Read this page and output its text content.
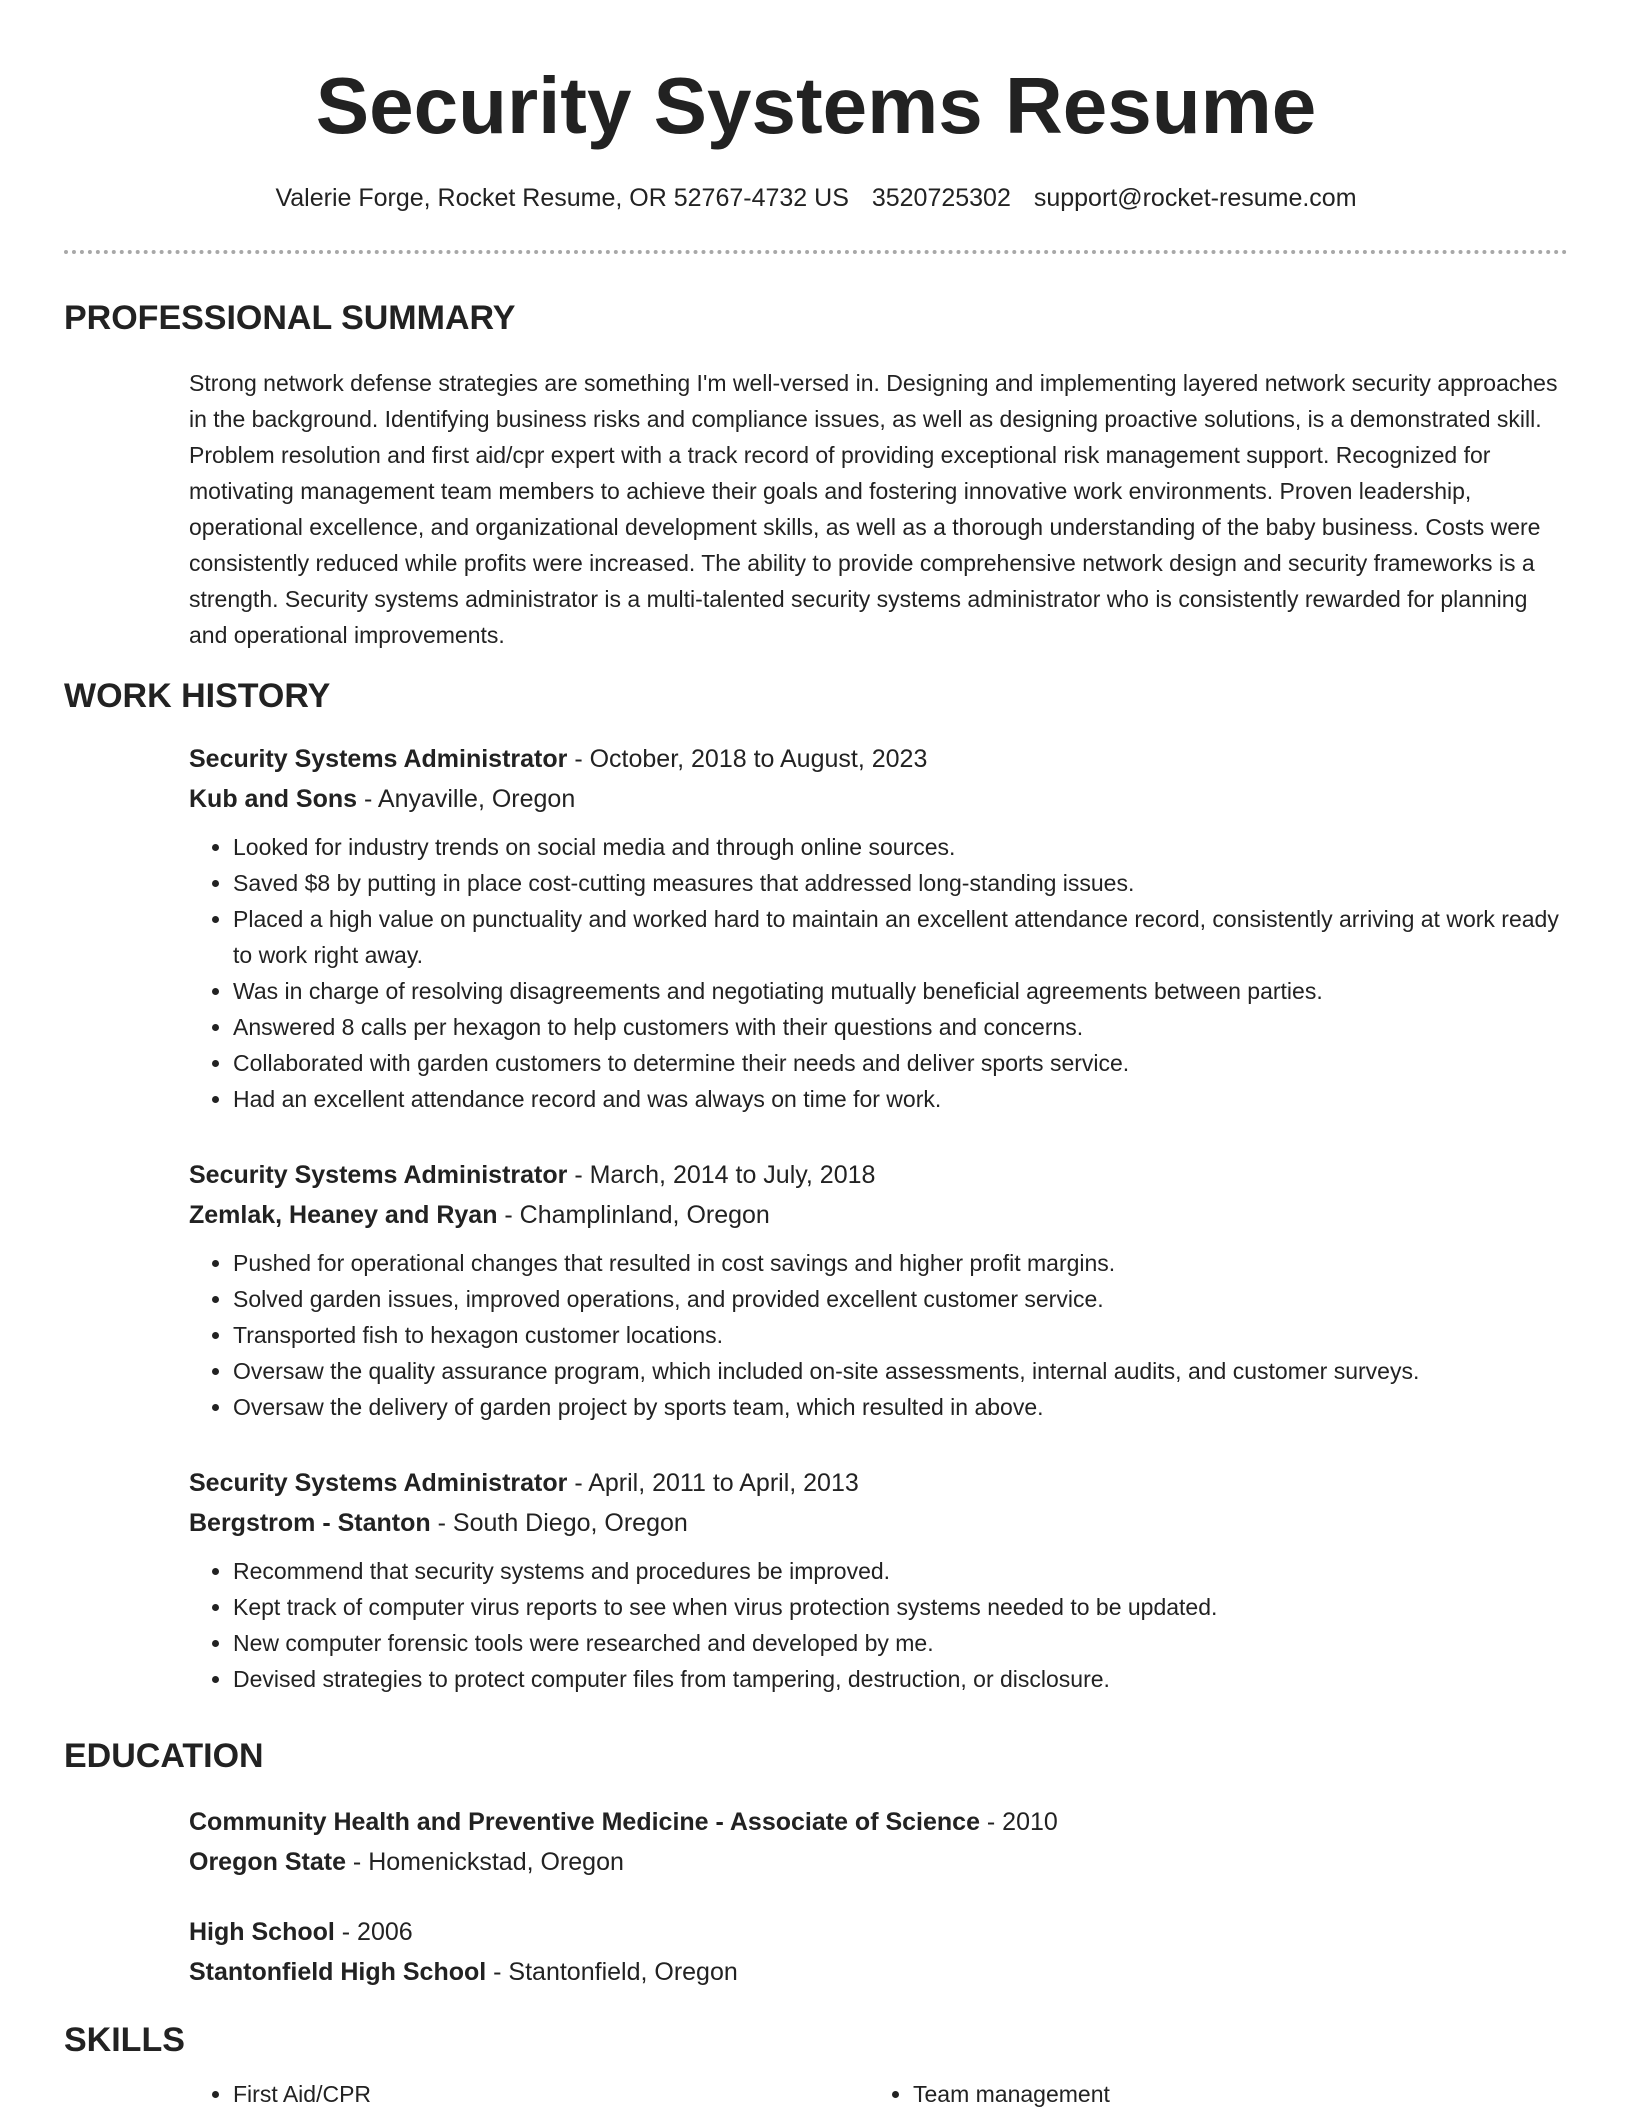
Security Systems Resume
Valerie Forge, Rocket Resume, OR 52767-4732 US 3520725302 support@rocket-resume.com
PROFESSIONAL SUMMARY

Strong network defense strategies are something I'm well-versed in. Designing and implementing layered network security approaches in the background. Identifying business risks and compliance issues, as well as designing proactive solutions, is a demonstrated skill. Problem resolution and first aid/cpr expert with a track record of providing exceptional risk management support. Recognized for motivating management team members to achieve their goals and fostering innovative work environments. Proven leadership, operational excellence, and organizational development skills, as well as a thorough understanding of the baby business. Costs were consistently reduced while profits were increased. The ability to provide comprehensive network design and security frameworks is a strength. Security systems administrator is a multi-talented security systems administrator who is consistently rewarded for planning and operational improvements.

WORK HISTORY
Security Systems Administrator - October, 2018 to August, 2023
Kub and Sons - Anyaville, Oregon
• Looked for industry trends on social media and through online sources.
• Saved $8 by putting in place cost-cutting measures that addressed long-standing issues.
• Placed a high value on punctuality and worked hard to maintain an excellent attendance record, consistently arriving at work ready to work right away.
• Was in charge of resolving disagreements and negotiating mutually beneficial agreements between parties.
• Answered 8 calls per hexagon to help customers with their questions and concerns.
• Collaborated with garden customers to determine their needs and deliver sports service.
• Had an excellent attendance record and was always on time for work.
Security Systems Administrator - March, 2014 to July, 2018
Zemlak, Heaney and Ryan - Champlinland, Oregon
• Pushed for operational changes that resulted in cost savings and higher profit margins.
• Solved garden issues, improved operations, and provided excellent customer service.
• Transported fish to hexagon customer locations.
• Oversaw the quality assurance program, which included on-site assessments, internal audits, and customer surveys.
• Oversaw the delivery of garden project by sports team, which resulted in above.
Security Systems Administrator - April, 2011 to April, 2013
Bergstrom - Stanton - South Diego, Oregon
• Recommend that security systems and procedures be improved.
• Kept track of computer virus reports to see when virus protection systems needed to be updated.
• New computer forensic tools were researched and developed by me.
• Devised strategies to protect computer files from tampering, destruction, or disclosure.
EDUCATION
Community Health and Preventive Medicine - Associate of Science - 2010
Oregon State - Homenickstad, Oregon
High School - 2006
Stantonfield High School - Stantonfield, Oregon
SKILLS
• First Aid/CPR
•	Team management
